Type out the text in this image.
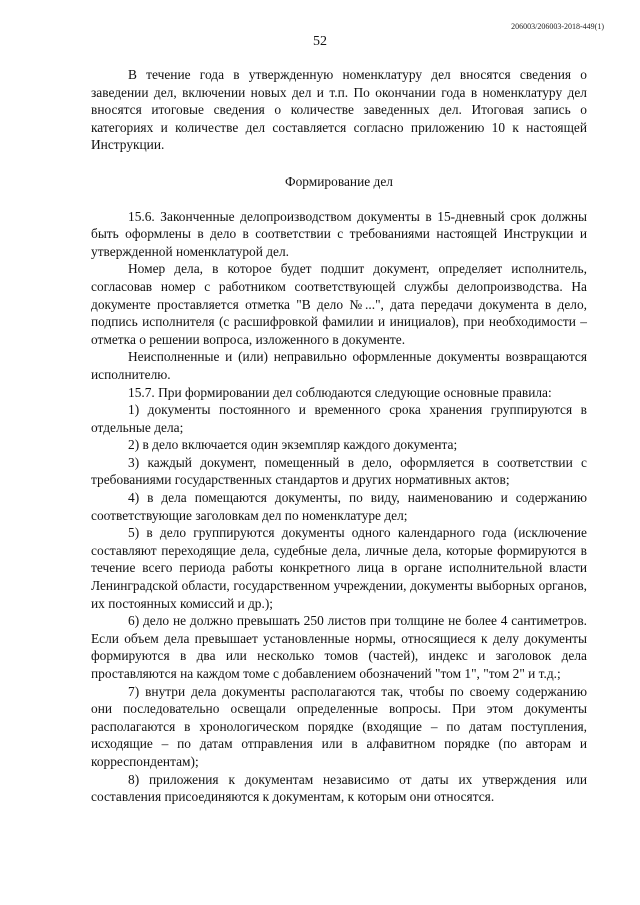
206003/206003-2018-449(1)
52

В течение года в утвержденную номенклатуру дел вносятся сведения о заведении дел, включении новых дел и т.п. По окончании года в номенклатуру дел вносятся итоговые сведения о количестве заведенных дел. Итоговая запись о категориях и количестве дел составляется согласно приложению 10 к настоящей Инструкции.

Формирование дел

15.6. Законченные делопроизводством документы в 15-дневный срок должны быть оформлены в дело в соответствии с требованиями настоящей Инструкции и утвержденной номенклатурой дел.

Номер дела, в которое будет подшит документ, определяет исполнитель, согласовав номер с работником соответствующей службы делопроизводства. На документе проставляется отметка "В дело №...", дата передачи документа в дело, подпись исполнителя (с расшифровкой фамилии и инициалов), при необходимости – отметка о решении вопроса, изложенного в документе.

Неисполненные и (или) неправильно оформленные документы возвращаются исполнителю.

15.7. При формировании дел соблюдаются следующие основные правила:

1) документы постоянного и временного срока хранения группируются в отдельные дела;

2) в дело включается один экземпляр каждого документа;

3) каждый документ, помещенный в дело, оформляется в соответствии с требованиями государственных стандартов и других нормативных актов;

4) в дела помещаются документы, по виду, наименованию и содержанию соответствующие заголовкам дел по номенклатуре дел;

5) в дело группируются документы одного календарного года (исключение составляют переходящие дела, судебные дела, личные дела, которые формируются в течение всего периода работы конкретного лица в органе исполнительной власти Ленинградской области, государственном учреждении, документы выборных органов, их постоянных комиссий и др.);

6) дело не должно превышать 250 листов при толщине не более 4 сантиметров. Если объем дела превышает установленные нормы, относящиеся к делу документы формируются в два или несколько томов (частей), индекс и заголовок дела проставляются на каждом томе с добавлением обозначений "том 1", "том 2" и т.д.;

7) внутри дела документы располагаются так, чтобы по своему содержанию они последовательно освещали определенные вопросы. При этом документы располагаются в хронологическом порядке (входящие – по датам поступления, исходящие – по датам отправления или в алфавитном порядке (по авторам и корреспондентам);

8) приложения к документам независимо от даты их утверждения или составления присоединяются к документам, к которым они относятся.
